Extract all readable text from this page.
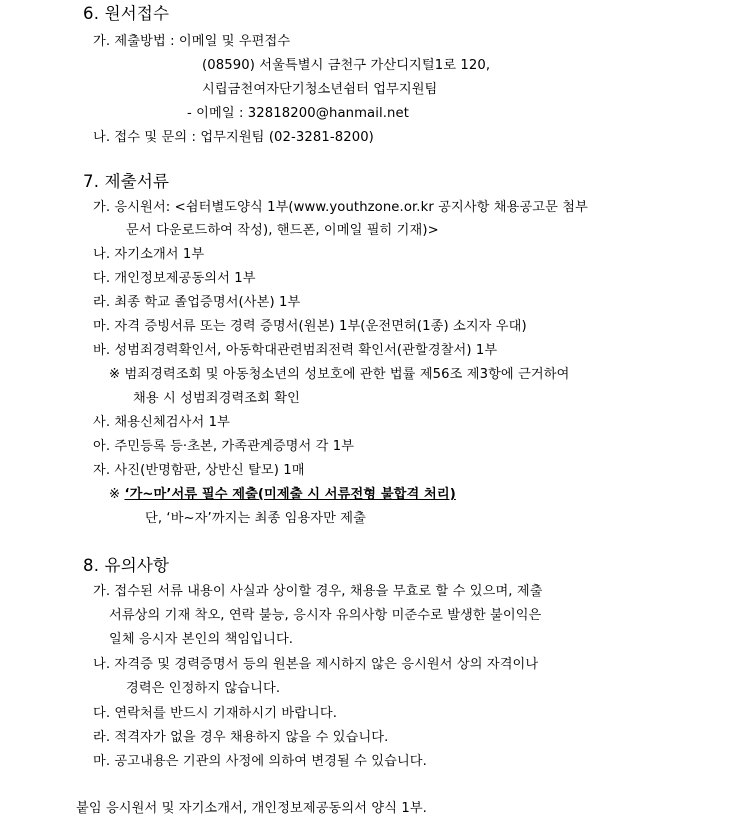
6. 원서접수
가. 제출방법 : 이메일 및 우편접수
(08590) 서울특별시 금천구 가산디지털1로 120,
시립금천여자단기청소년쉼터 업무지원팀
- 이메일 : 32818200@hanmail.net
나. 접수 및 문의 : 업무지원팀 (02-3281-8200)
7. 제출서류
가. 응시원서: <쉼터별도양식 1부(www.youthzone.or.kr 공지사항 채용공고문 첨부
문서 다운로드하여 작성), 핸드폰, 이메일 필히 기재)>
나. 자기소개서 1부
다. 개인정보제공동의서 1부
라. 최종 학교 졸업증명서(사본) 1부
마. 자격 증빙서류 또는 경력 증명서(원본) 1부(운전면허(1종) 소지자 우대)
바. 성범죄경력확인서, 아동학대관련범죄전력 확인서(관할경찰서) 1부
※ 범죄경력조회 및 아동청소년의 성보호에 관한 법률 제56조 제3항에 근거하여
채용 시 성범죄경력조회 확인
사. 채용신체검사서 1부
아. 주민등록 등·초본, 가족관계증명서 각 1부
자. 사진(반명함판, 상반신 탈모) 1매
※ ‘가~마’서류 필수 제출(미제출 시 서류전형 불합격 처리)
단, ‘바~자’까지는 최종 임용자만 제출
8. 유의사항
가. 접수된 서류 내용이 사실과 상이할 경우, 채용을 무효로 할 수 있으며, 제출
서류상의 기재 착오, 연락 불능, 응시자 유의사항 미준수로 발생한 불이익은
일체 응시자 본인의 책임입니다.
나. 자격증 및 경력증명서 등의 원본을 제시하지 않은 응시원서 상의 자격이나
경력은 인정하지 않습니다.
다. 연락처를 반드시 기재하시기 바랍니다.
라. 적격자가 없을 경우 채용하지 않을 수 있습니다.
마. 공고내용은 기관의 사정에 의하여 변경될 수 있습니다.
붙임 응시원서 및 자기소개서, 개인정보제공동의서 양식 1부.
